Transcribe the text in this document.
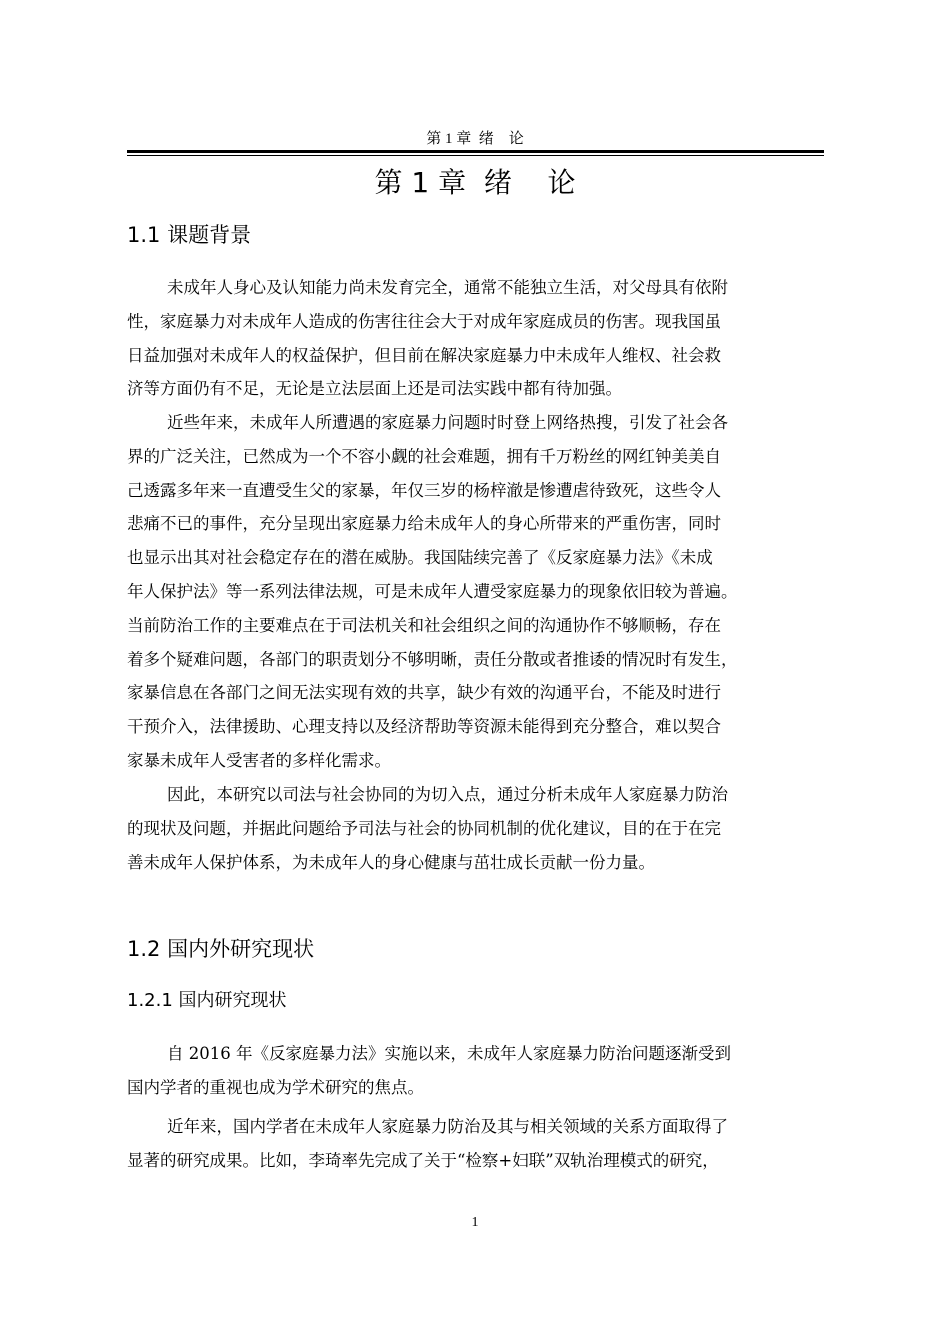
第 1 章  绪    论
第 1 章  绪    论
1.1 课题背景

未成年人身心及认知能力尚未发育完全，通常不能独立生活，对父母具有依附
性，家庭暴力对未成年人造成的伤害往往会大于对成年家庭成员的伤害。现我国虽
日益加强对未成年人的权益保护，但目前在解决家庭暴力中未成年人维权、社会救
济等方面仍有不足，无论是立法层面上还是司法实践中都有待加强。

近些年来，未成年人所遭遇的家庭暴力问题时时登上网络热搜，引发了社会各
界的广泛关注，已然成为一个不容小觑的社会难题，拥有千万粉丝的网红钟美美自
己透露多年来一直遭受生父的家暴，年仅三岁的杨梓澈是惨遭虐待致死，这些令人
悲痛不已的事件，充分呈现出家庭暴力给未成年人的身心所带来的严重伤害，同时
也显示出其对社会稳定存在的潜在威胁。我国陆续完善了《反家庭暴力法》《未成
年人保护法》等一系列法律法规，可是未成年人遭受家庭暴力的现象依旧较为普遍。
当前防治工作的主要难点在于司法机关和社会组织之间的沟通协作不够顺畅，存在
着多个疑难问题，各部门的职责划分不够明晰，责任分散或者推诿的情况时有发生，
家暴信息在各部门之间无法实现有效的共享，缺少有效的沟通平台，不能及时进行
干预介入，法律援助、心理支持以及经济帮助等资源未能得到充分整合，难以契合
家暴未成年人受害者的多样化需求。

因此，本研究以司法与社会协同的为切入点，通过分析未成年人家庭暴力防治
的现状及问题，并据此问题给予司法与社会的协同机制的优化建议，目的在于在完
善未成年人保护体系，为未成年人的身心健康与茁壮成长贡献一份力量。

1.2 国内外研究现状
1.2.1 国内研究现状

自 2016 年《反家庭暴力法》实施以来，未成年人家庭暴力防治问题逐渐受到
国内学者的重视也成为学术研究的焦点。

近年来，国内学者在未成年人家庭暴力防治及其与相关领域的关系方面取得了
显著的研究成果。比如，李琦率先完成了关于“检察+妇联”双轨治理模式的研究，

1
